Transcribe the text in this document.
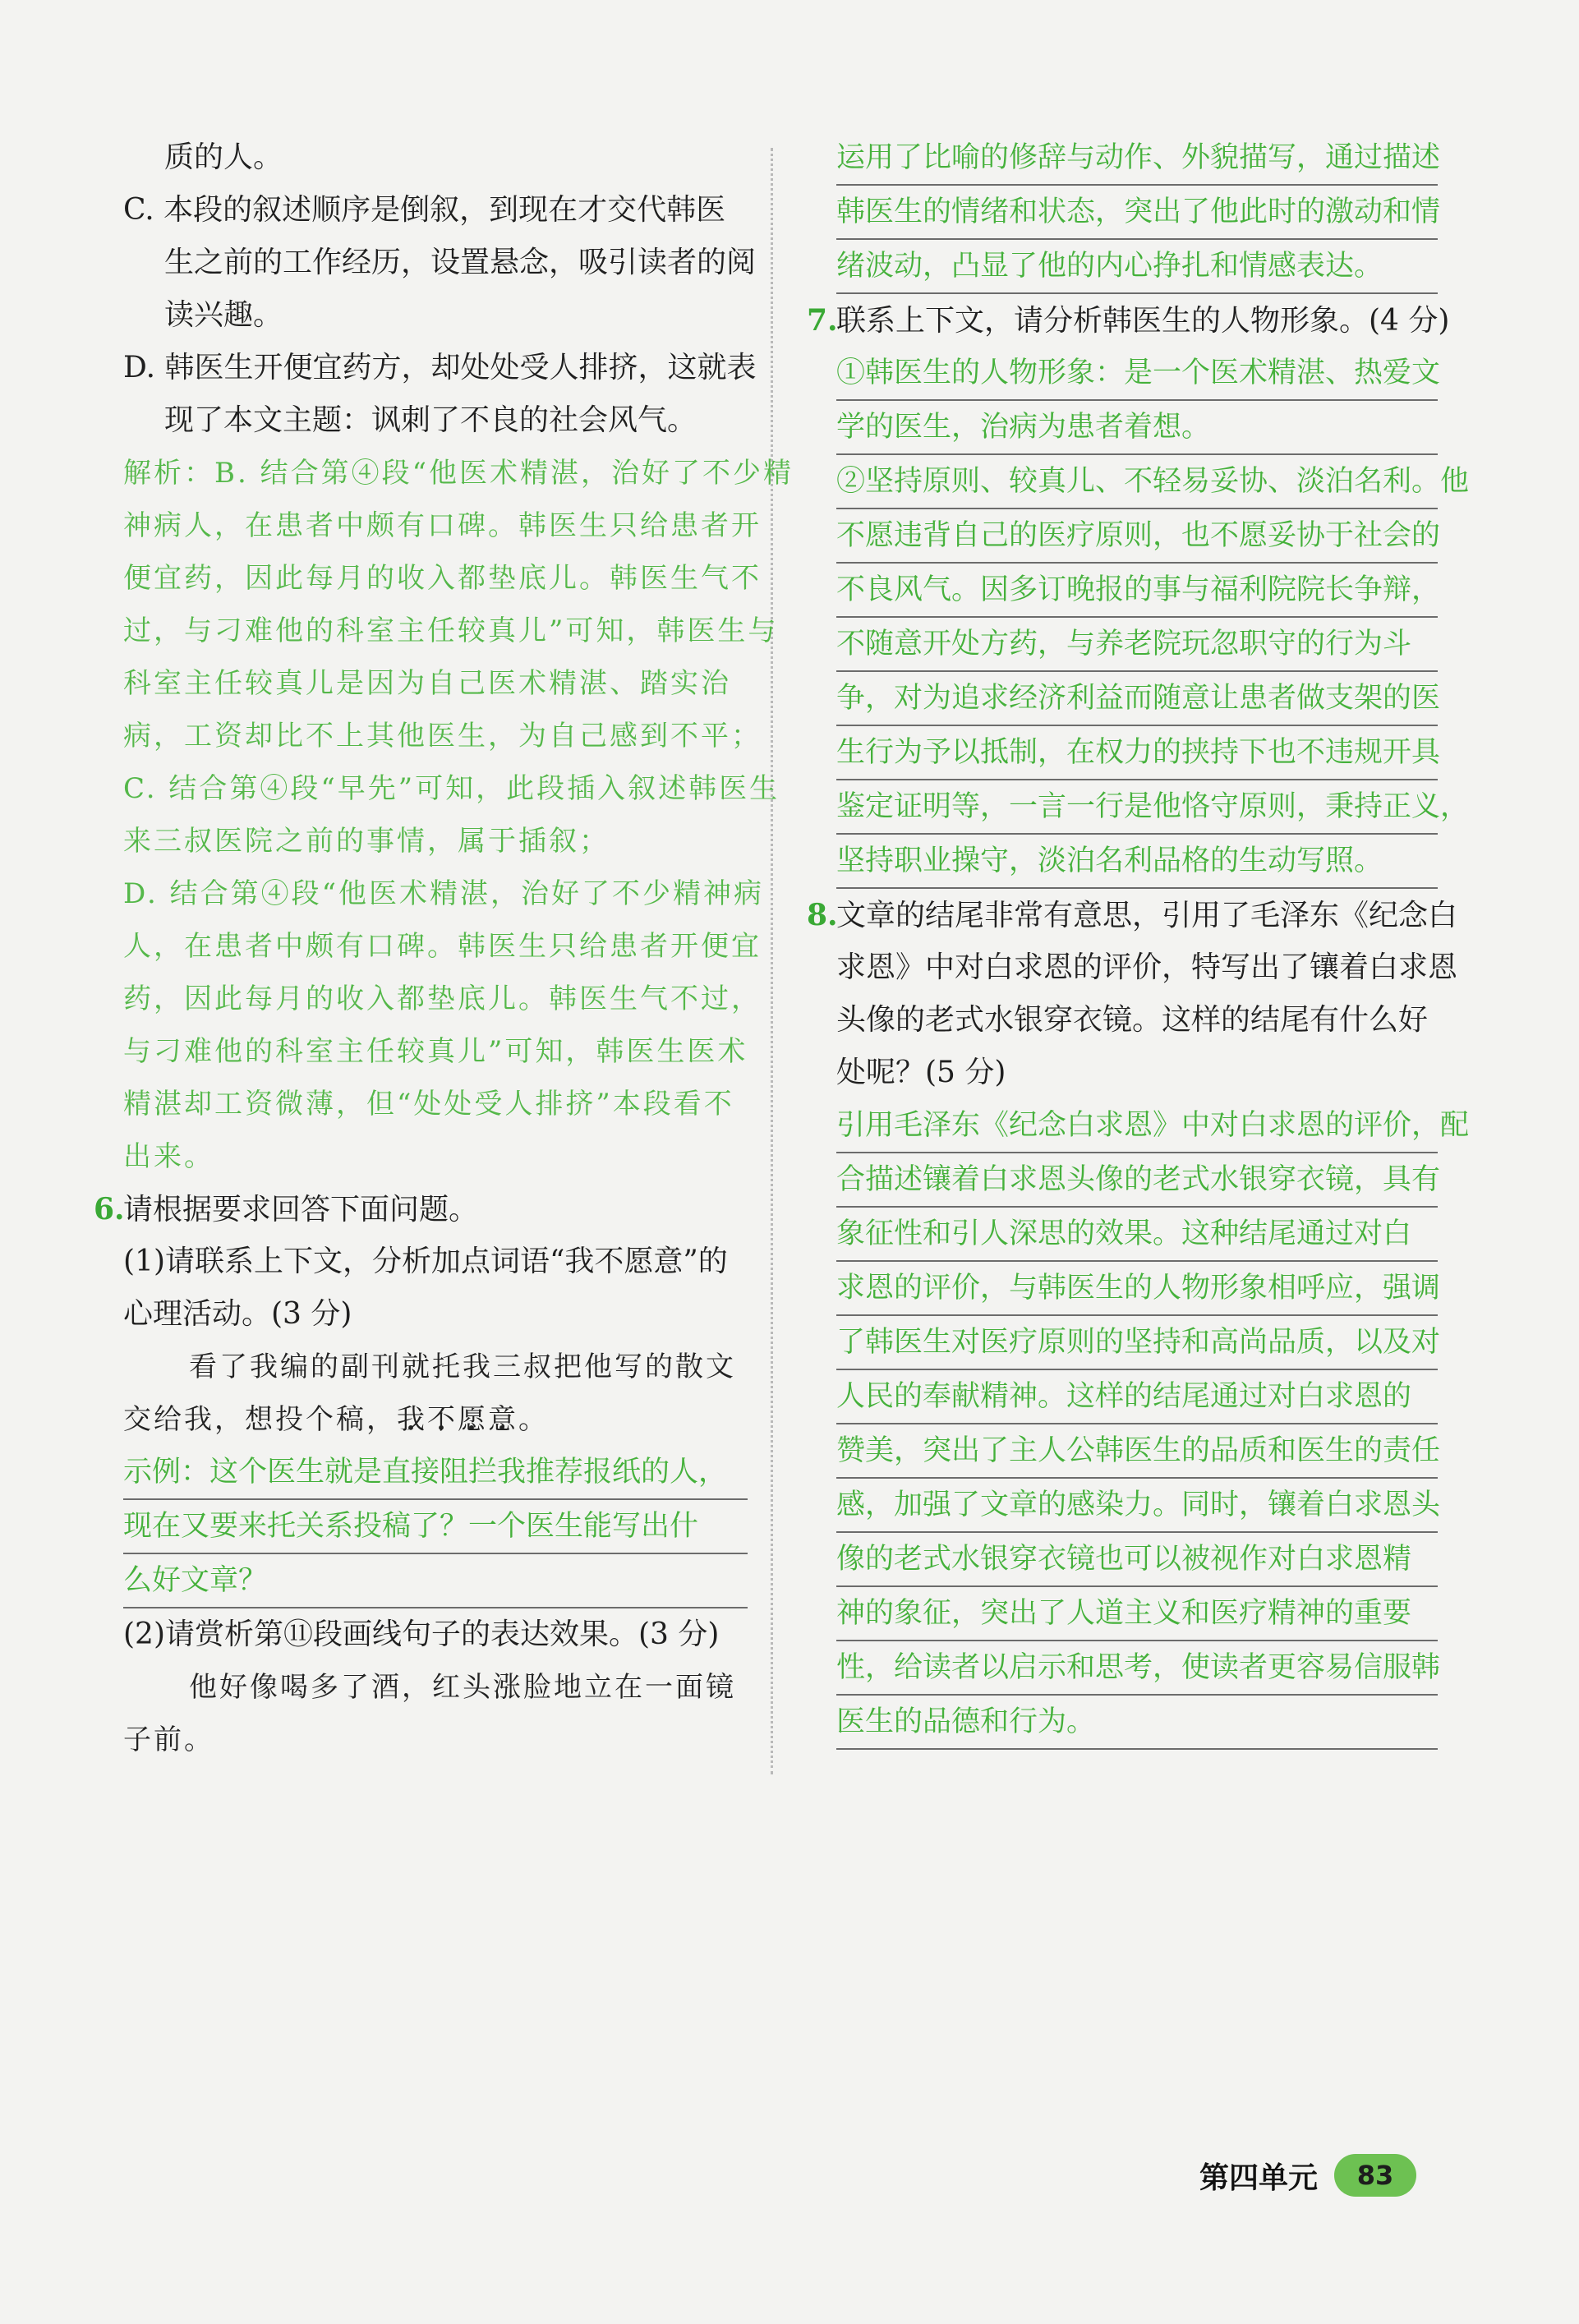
质的人。
C. 本段的叙述顺序是倒叙，到现在才交代韩医
生之前的工作经历，设置悬念，吸引读者的阅
读兴趣。
D. 韩医生开便宜药方，却处处受人排挤，这就表
现了本文主题：讽刺了不良的社会风气。
解析：B. 结合第④段“他医术精湛，治好了不少精
神病人，在患者中颇有口碑。韩医生只给患者开
便宜药，因此每月的收入都垫底儿。韩医生气不
过，与刁难他的科室主任较真儿”可知，韩医生与
科室主任较真儿是因为自己医术精湛、踏实治
病，工资却比不上其他医生，为自己感到不平；
C. 结合第④段“早先”可知，此段插入叙述韩医生
来三叔医院之前的事情，属于插叙；
D. 结合第④段“他医术精湛，治好了不少精神病
人，在患者中颇有口碑。韩医生只给患者开便宜
药，因此每月的收入都垫底儿。韩医生气不过，
与刁难他的科室主任较真儿”可知，韩医生医术
精湛却工资微薄，但“处处受人排挤”本段看不
出来。
6.请根据要求回答下面问题。
(1)请联系上下文，分析加点词语“我不愿意”的
心理活动。(3 分)
看了我编的副刊就托我三叔把他写的散文
交给我，想投个稿，我不愿意。
示例：这个医生就是直接阻拦我推荐报纸的人，
现在又要来托关系投稿了？一个医生能写出什
么好文章？
(2)请赏析第⑪段画线句子的表达效果。(3 分)
他好像喝多了酒，红头涨脸地立在一面镜
子前。
运用了比喻的修辞与动作、外貌描写，通过描述
韩医生的情绪和状态，突出了他此时的激动和情
绪波动，凸显了他的内心挣扎和情感表达。
7.联系上下文，请分析韩医生的人物形象。(4 分)
①韩医生的人物形象：是一个医术精湛、热爱文
学的医生，治病为患者着想。
②坚持原则、较真儿、不轻易妥协、淡泊名利。他
不愿违背自己的医疗原则，也不愿妥协于社会的
不良风气。因多订晚报的事与福利院院长争辩，
不随意开处方药，与养老院玩忽职守的行为斗
争，对为追求经济利益而随意让患者做支架的医
生行为予以抵制，在权力的挟持下也不违规开具
鉴定证明等，一言一行是他恪守原则，秉持正义，
坚持职业操守，淡泊名利品格的生动写照。
8.文章的结尾非常有意思，引用了毛泽东《纪念白
求恩》中对白求恩的评价，特写出了镶着白求恩
头像的老式水银穿衣镜。这样的结尾有什么好
处呢？(5 分)
引用毛泽东《纪念白求恩》中对白求恩的评价，配
合描述镶着白求恩头像的老式水银穿衣镜，具有
象征性和引人深思的效果。这种结尾通过对白
求恩的评价，与韩医生的人物形象相呼应，强调
了韩医生对医疗原则的坚持和高尚品质，以及对
人民的奉献精神。这样的结尾通过对白求恩的
赞美，突出了主人公韩医生的品质和医生的责任
感，加强了文章的感染力。同时，镶着白求恩头
像的老式水银穿衣镜也可以被视作对白求恩精
神的象征，突出了人道主义和医疗精神的重要
性，给读者以启示和思考，使读者更容易信服韩
医生的品德和行为。
第四单元	83
